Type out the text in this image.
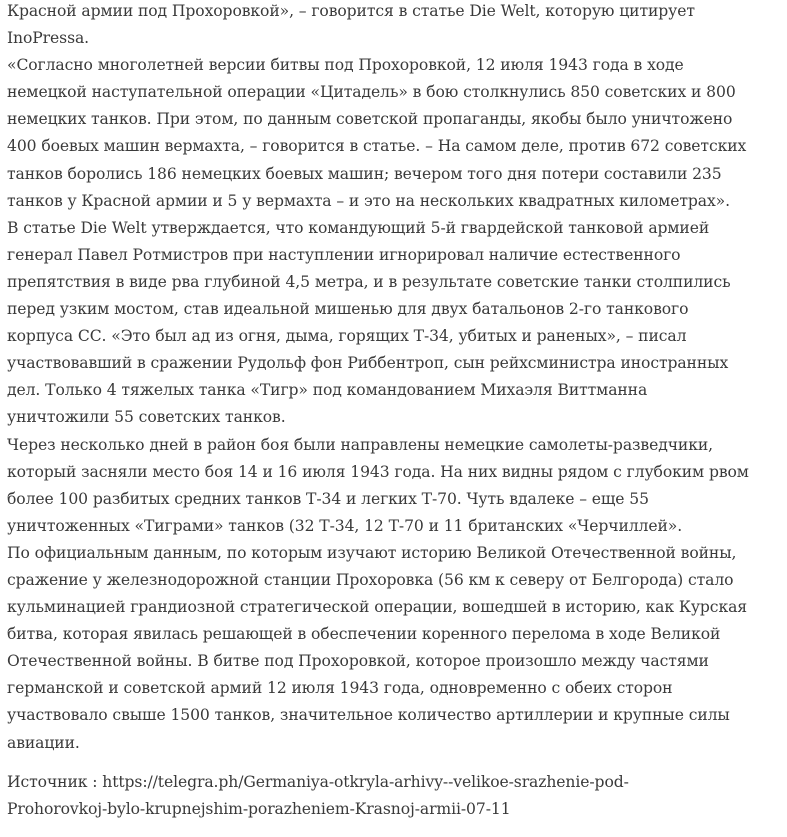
Красной армии под Прохоровкой», – говорится в статье Die Welt, которую цитирует
InoPressa.
«Согласно многолетней версии битвы под Прохоровкой, 12 июля 1943 года в ходе
немецкой наступательной операции «Цитадель» в бою столкнулись 850 советских и 800
немецких танков. При этом, по данным советской пропаганды, якобы было уничтожено
400 боевых машин вермахта, – говорится в статье. – На самом деле, против 672 советских
танков боролись 186 немецких боевых машин; вечером того дня потери составили 235
танков у Красной армии и 5 у вермахта – и это на нескольких квадратных километрах».
В статье Die Welt утверждается, что командующий 5-й гвардейской танковой армией
генерал Павел Ротмистров при наступлении игнорировал наличие естественного
препятствия в виде рва глубиной 4,5 метра, и в результате советские танки столпились
перед узким мостом, став идеальной мишенью для двух батальонов 2-го танкового
корпуса СС. «Это был ад из огня, дыма, горящих Т-34, убитых и раненых», – писал
участвовавший в сражении Рудольф фон Риббентроп, сын рейхсминистра иностранных
дел. Только 4 тяжелых танка «Тигр» под командованием Михаэля Виттманна
уничтожили 55 советских танков.
Через несколько дней в район боя были направлены немецкие самолеты-разведчики,
который засняли место боя 14 и 16 июля 1943 года. На них видны рядом с глубоким рвом
более 100 разбитых средних танков Т-34 и легких Т-70. Чуть вдалеке – еще 55
уничтоженных «Тиграми» танков (32 Т-34, 12 Т-70 и 11 британских «Черчиллей».
По официальным данным, по которым изучают историю Великой Отечественной войны,
сражение у железнодорожной станции Прохоровка (56 км к северу от Белгорода) стало
кульминацией грандиозной стратегической операции, вошедшей в историю, как Курская
битва, которая явилась решающей в обеспечении коренного перелома в ходе Великой
Отечественной войны. В битве под Прохоровкой, которое произошло между частями
германской и советской армий 12 июля 1943 года, одновременно с обеих сторон
участвовало свыше 1500 танков, значительное количество артиллерии и крупные силы
авиации.
Источник : https://telegra.ph/Germaniya-otkryla-arhivy--velikoe-srazhenie-pod-
Prohorovkoj-bylo-krupnejshim-porazheniem-Krasnoj-armii-07-11
